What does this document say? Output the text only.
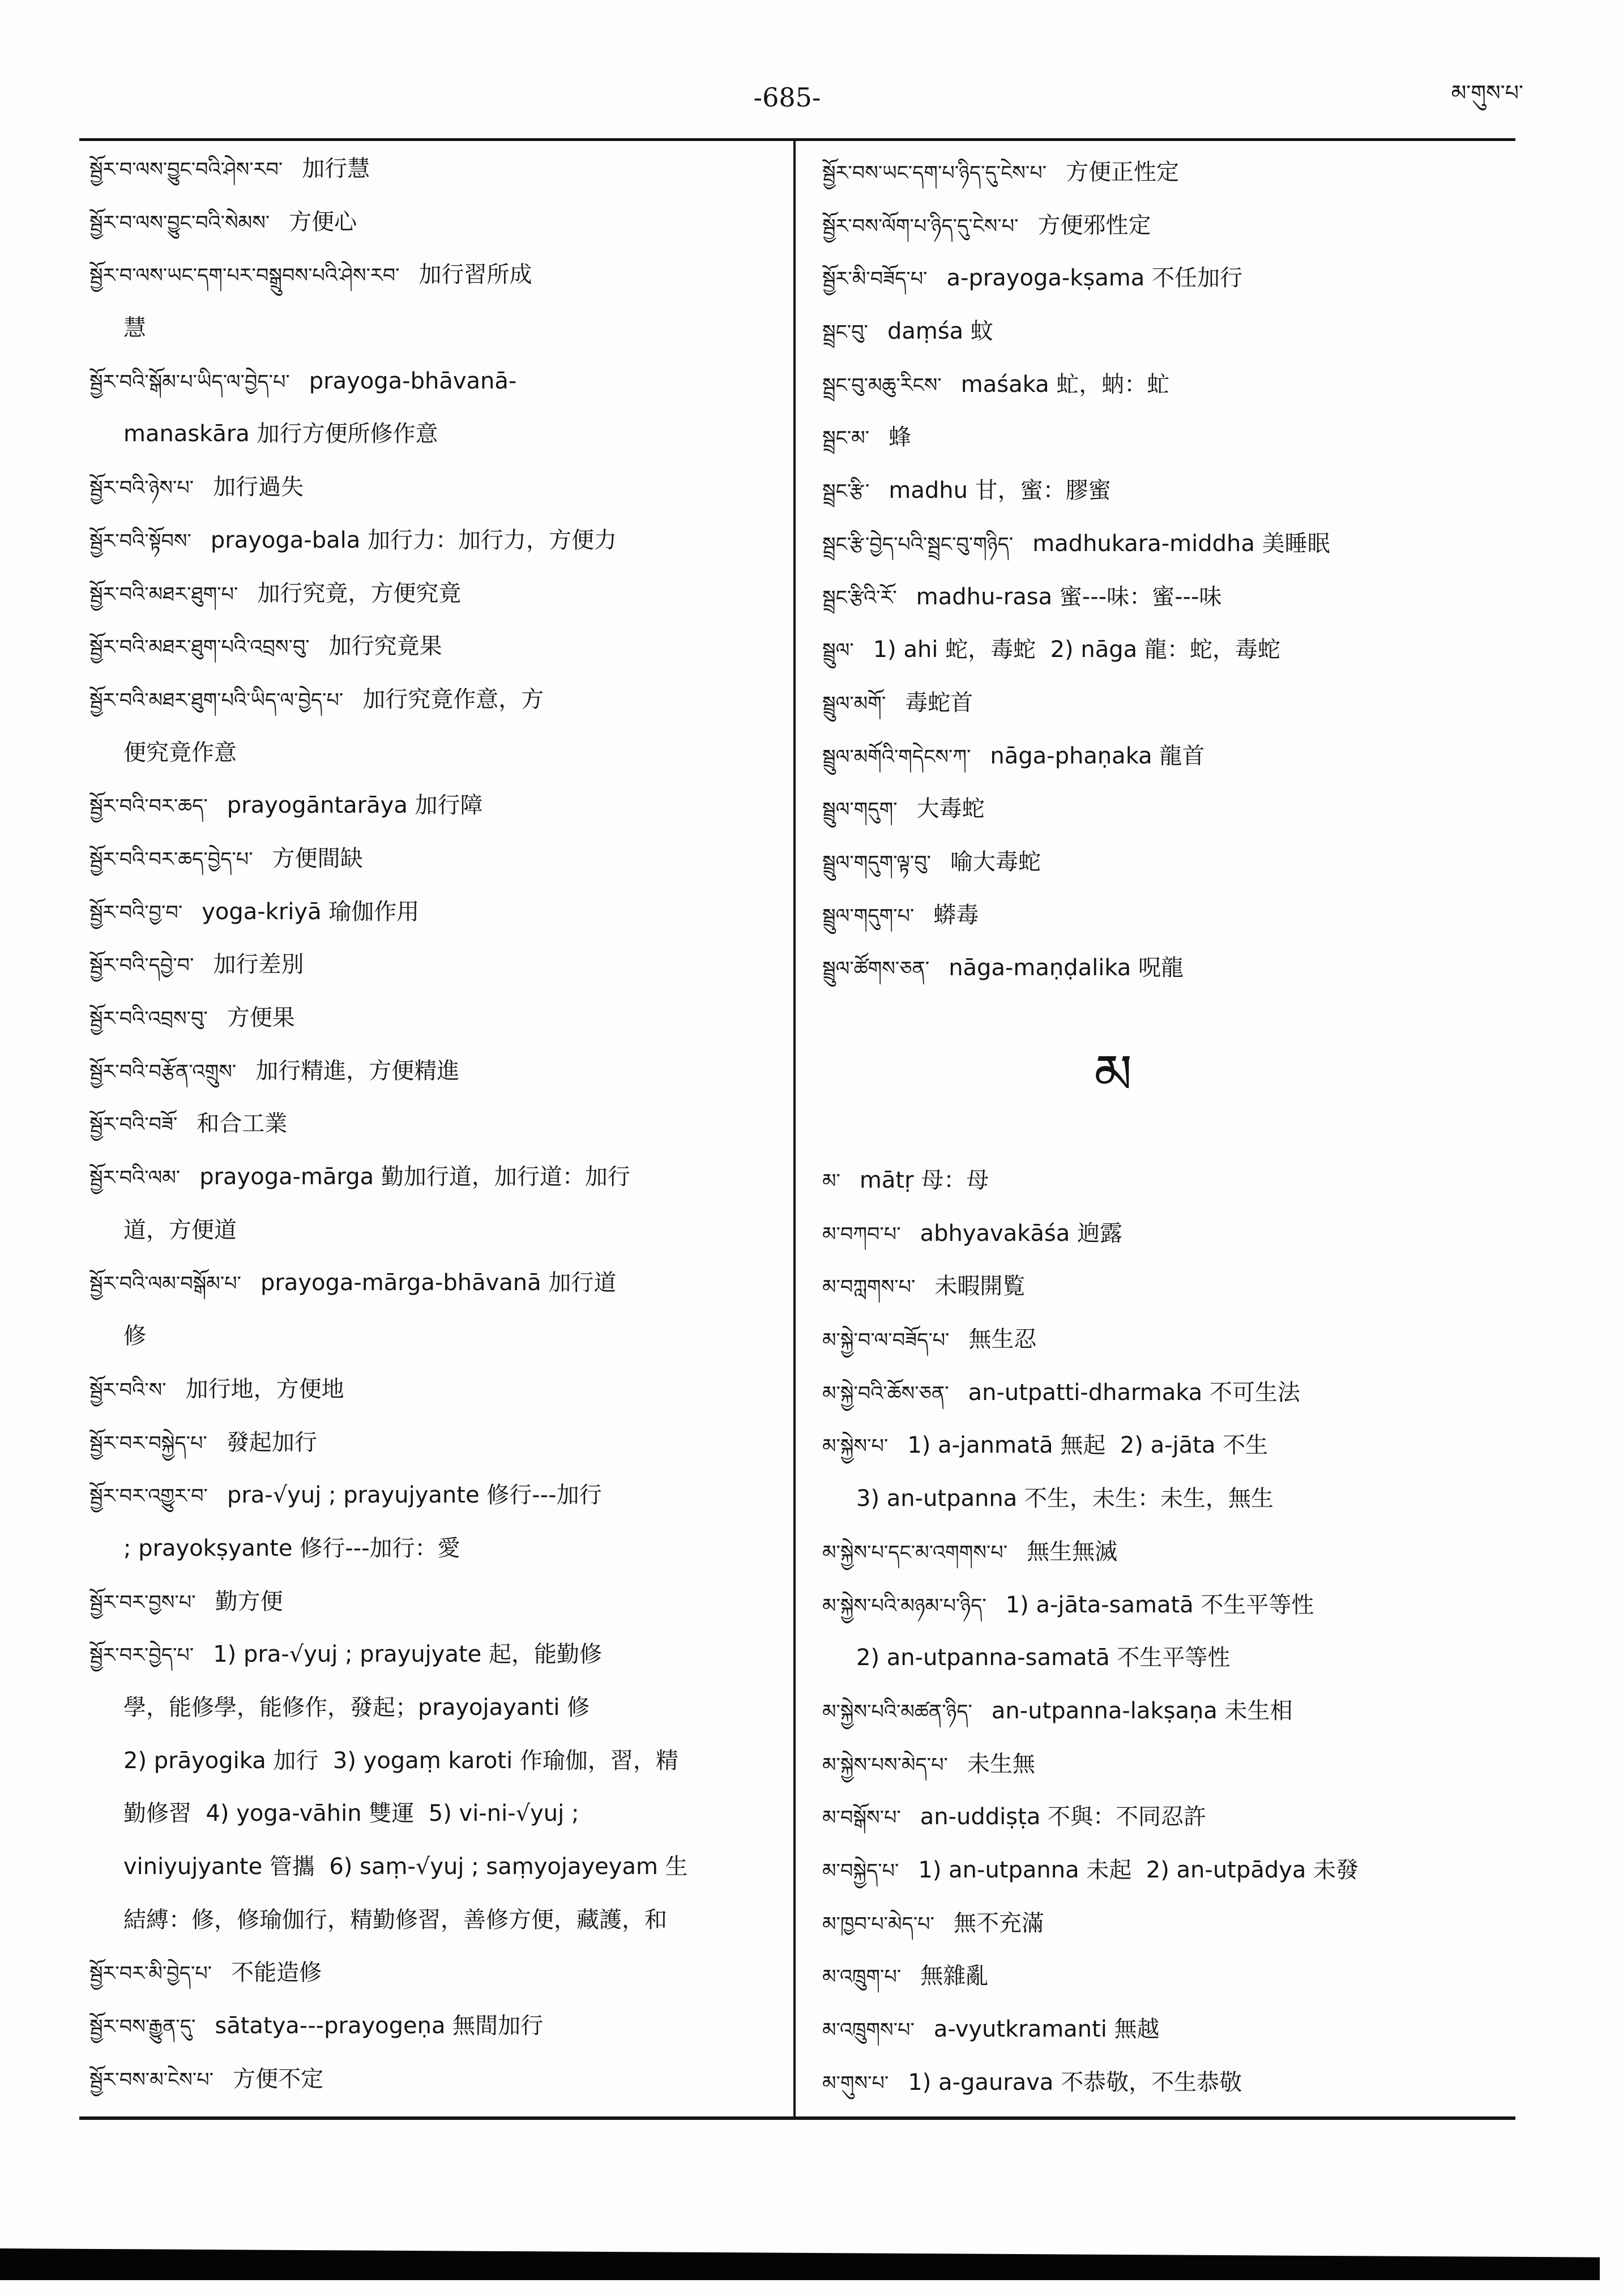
-685-	མ་གུས་པ་
སྦྱོར་བ་ལས་བྱུང་བའི་ཤེས་རབ་ 加行慧
སྦྱོར་བ་ལས་བྱུང་བའི་སེམས་ 方便心
སྦྱོར་བ་ལས་ཡང་དག་པར་བསྒྲུབས་པའི་ཤེས་རབ་ 加行習所成
慧
སྦྱོར་བའི་སྒོམ་པ་ཡིད་ལ་བྱེད་པ་ prayoga-bhāvanā-
manaskāra 加行方便所修作意
སྦྱོར་བའི་ཉེས་པ་ 加行過失
སྦྱོར་བའི་སྟོབས་ prayoga-bala 加行力：加行力，方便力
སྦྱོར་བའི་མཐར་ཐུག་པ་ 加行究竟，方便究竟
སྦྱོར་བའི་མཐར་ཐུག་པའི་འབྲས་བུ་ 加行究竟果
སྦྱོར་བའི་མཐར་ཐུག་པའི་ཡིད་ལ་བྱེད་པ་ 加行究竟作意，方
便究竟作意
སྦྱོར་བའི་བར་ཆད་ prayogāntarāya 加行障
སྦྱོར་བའི་བར་ཆད་བྱེད་པ་ 方便間缺
སྦྱོར་བའི་བྱ་བ་ yoga-kriyā 瑜伽作用
སྦྱོར་བའི་དབྱེ་བ་ 加行差別
སྦྱོར་བའི་འབྲས་བུ་ 方便果
སྦྱོར་བའི་བརྩོན་འགྲུས་ 加行精進，方便精進
སྦྱོར་བའི་བཟོ་ 和合工業
སྦྱོར་བའི་ལམ་ prayoga-mārga 勤加行道，加行道：加行
道，方便道
སྦྱོར་བའི་ལམ་བསྒོམ་པ་ prayoga-mārga-bhāvanā 加行道
修
སྦྱོར་བའི་ས་ 加行地，方便地
སྦྱོར་བར་བསྐྱེད་པ་ 發起加行
སྦྱོར་བར་འགྱུར་བ་ pra-√yuj ; prayujyante 修行---加行
; prayokṣyante 修行---加行：愛
སྦྱོར་བར་བྱས་པ་ 勤方便
སྦྱོར་བར་བྱེད་པ་ 1) pra-√yuj ; prayujyate 起，能勤修
學，能修學，能修作，發起；prayojayanti 修
2) prāyogika 加行  3) yogaṃ karoti 作瑜伽，習，精
勤修習  4) yoga-vāhin 雙運  5) vi-ni-√yuj ;
viniyujyante 管攜  6) saṃ-√yuj ; saṃyojayeyam 生
結縛：修，修瑜伽行，精勤修習，善修方便，藏護，和
སྦྱོར་བར་མི་བྱེད་པ་ 不能造修
སྦྱོར་བས་རྒྱུན་དུ་ sātatya---prayogeṇa 無間加行
སྦྱོར་བས་མ་ངེས་པ་ 方便不定
སྦྱོར་བས་ཡང་དག་པ་ཉིད་དུ་ངེས་པ་ 方便正性定
སྦྱོར་བས་ལོག་པ་ཉིད་དུ་ངེས་པ་ 方便邪性定
སྦྱོར་མི་བཟོད་པ་ a-prayoga-kṣama 不任加行
སྦྲང་བུ་ daṃśa 蚊
སྦྲང་བུ་མཆུ་རིངས་ maśaka 虻，蚋：虻
སྦྲང་མ་ 蜂
སྦྲང་རྩི་ madhu 甘，蜜：膠蜜
སྦྲང་རྩི་བྱེད་པའི་སྦྲང་བུ་གཉིད་ madhukara-middha 美睡眠
སྦྲང་རྩིའི་རོ་ madhu-rasa 蜜---味：蜜---味
སྦྲུལ་ 1) ahi 蛇，毒蛇  2) nāga 龍：蛇，毒蛇
སྦྲུལ་མགོ་ 毒蛇首
སྦྲུལ་མགོའི་གདེངས་ཀ་ nāga-phaṇaka 龍首
སྦྲུལ་གདུག་ 大毒蛇
སྦྲུལ་གདུག་ལྟ་བུ་ 喻大毒蛇
སྦྲུལ་གདུག་པ་ 蟒毒
སྦྲུལ་ཚོགས་ཅན་ nāga-maṇḍalika 呪龍
མ
མ་ mātṛ 母：母
མ་བཀབ་པ་ abhyavakāśa 逈露
མ་བཀླགས་པ་ 未暇開覧
མ་སྐྱེ་བ་ལ་བཟོད་པ་ 無生忍
མ་སྐྱེ་བའི་ཆོས་ཅན་ an-utpatti-dharmaka 不可生法
མ་སྐྱེས་པ་ 1) a-janmatā 無起  2) a-jāta 不生
3) an-utpanna 不生，未生：未生，無生
མ་སྐྱེས་པ་དང་མ་འགགས་པ་ 無生無滅
མ་སྐྱེས་པའི་མཉམ་པ་ཉིད་ 1) a-jāta-samatā 不生平等性
2) an-utpanna-samatā 不生平等性
མ་སྐྱེས་པའི་མཚན་ཉིད་ an-utpanna-lakṣaṇa 未生相
མ་སྐྱེས་པས་མེད་པ་ 未生無
མ་བསྒོས་པ་ an-uddiṣṭa 不與：不同忍許
མ་བསྐྱེད་པ་ 1) an-utpanna 未起  2) an-utpādya 未發
མ་ཁྱབ་པ་མེད་པ་ 無不充滿
མ་འཁྲུག་པ་ 無雜亂
མ་འཁྲུགས་པ་ a-vyutkramanti 無越
མ་གུས་པ་ 1) a-gaurava 不恭敬，不生恭敬
